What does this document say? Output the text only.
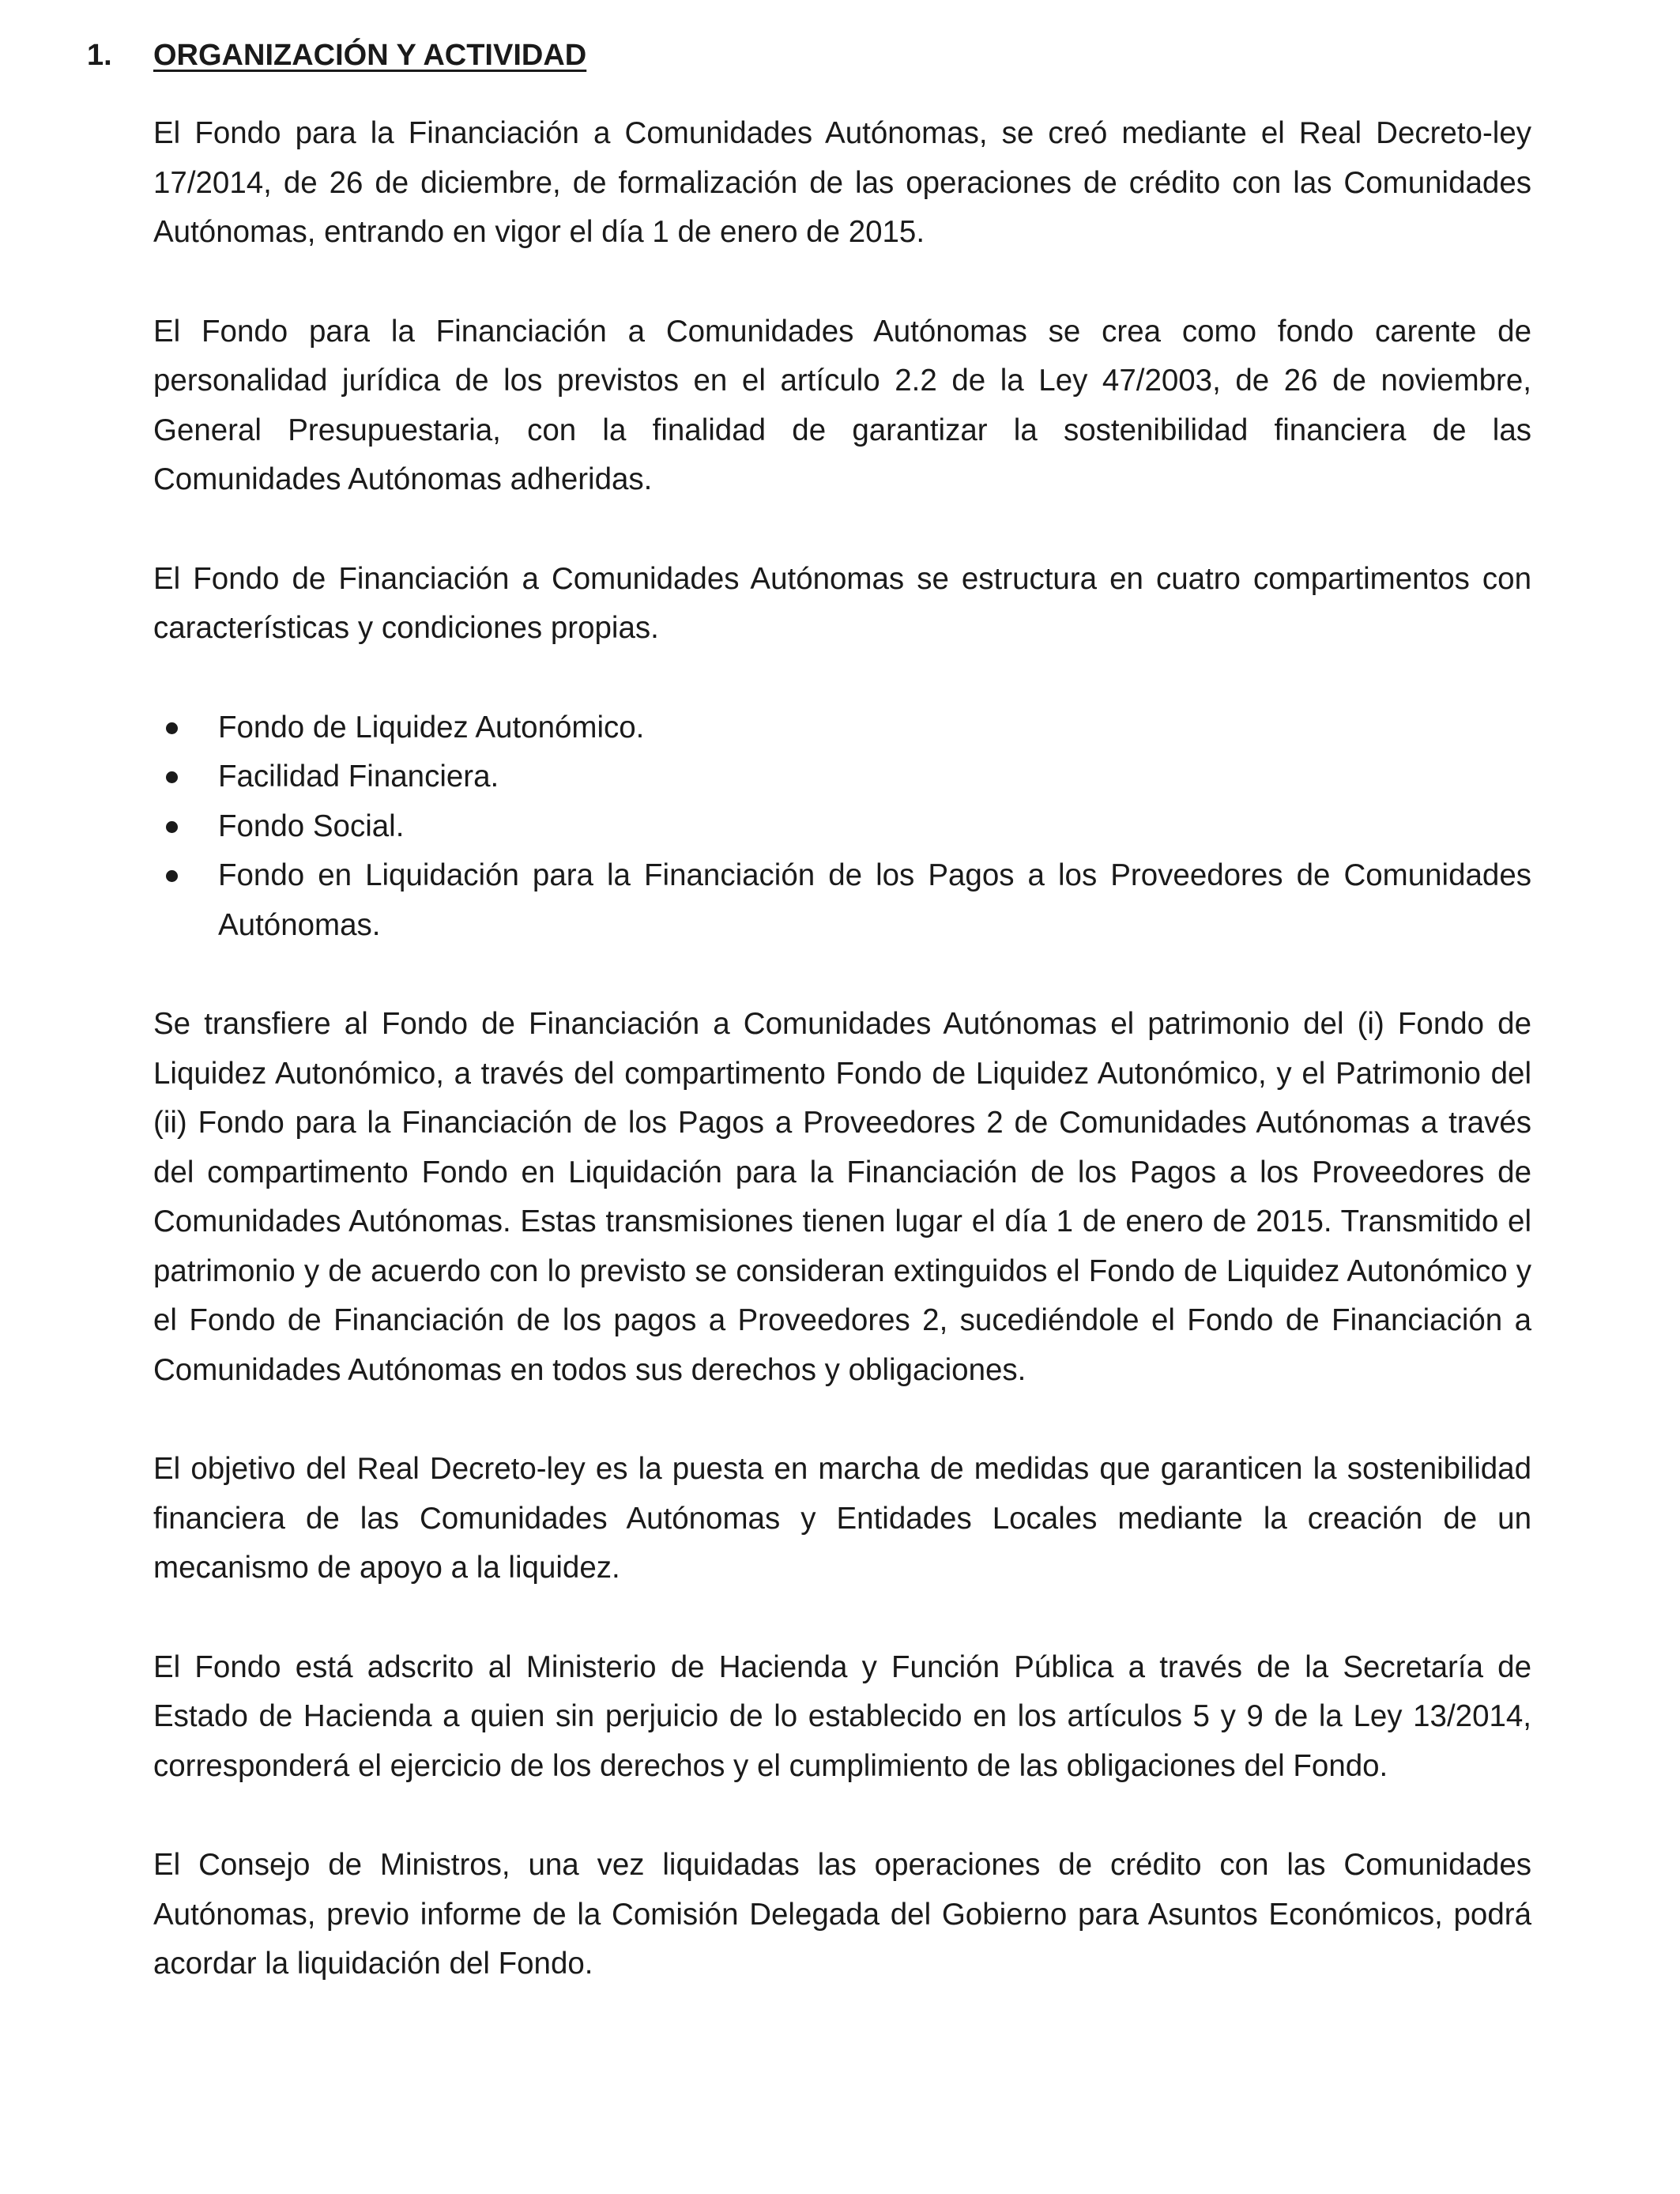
1. ORGANIZACIÓN Y ACTIVIDAD

El Fondo para la Financiación a Comunidades Autónomas, se creó mediante el Real Decreto-ley 17/2014, de 26 de diciembre, de formalización de las operaciones de crédito con las Comunidades Autónomas, entrando en vigor el día 1 de enero de 2015.

El Fondo para la Financiación a Comunidades Autónomas se crea como fondo carente de personalidad jurídica de los previstos en el artículo 2.2 de la Ley 47/2003, de 26 de noviembre, General Presupuestaria, con la finalidad de garantizar la sostenibilidad financiera de las Comunidades Autónomas adheridas.

El Fondo de Financiación a Comunidades Autónomas se estructura en cuatro compartimentos con características y condiciones propias.

Fondo de Liquidez Autonómico.
Facilidad Financiera.
Fondo Social.
Fondo en Liquidación para la Financiación de los Pagos a los Proveedores de Comunidades Autónomas.

Se transfiere al Fondo de Financiación a Comunidades Autónomas el patrimonio del (i) Fondo de Liquidez Autonómico, a través del compartimento Fondo de Liquidez Autonómico, y el Patrimonio del (ii) Fondo para la Financiación de los Pagos a Proveedores 2 de Comunidades Autónomas a través del compartimento Fondo en Liquidación para la Financiación de los Pagos a los Proveedores de Comunidades Autónomas. Estas transmisiones tienen lugar el día 1 de enero de 2015. Transmitido el patrimonio y de acuerdo con lo previsto se consideran extinguidos el Fondo de Liquidez Autonómico y el Fondo de Financiación de los pagos a Proveedores 2, sucediéndole el Fondo de Financiación a Comunidades Autónomas en todos sus derechos y obligaciones.

El objetivo del Real Decreto-ley es la puesta en marcha de medidas que garanticen la sostenibilidad financiera de las Comunidades Autónomas y Entidades Locales mediante la creación de un mecanismo de apoyo a la liquidez.

El Fondo está adscrito al Ministerio de Hacienda y Función Pública a través de la Secretaría de Estado de Hacienda a quien sin perjuicio de lo establecido en los artículos 5 y 9 de la Ley 13/2014, corresponderá el ejercicio de los derechos y el cumplimiento de las obligaciones del Fondo.

El Consejo de Ministros, una vez liquidadas las operaciones de crédito con las Comunidades Autónomas, previo informe de la Comisión Delegada del Gobierno para Asuntos Económicos, podrá acordar la liquidación del Fondo.
